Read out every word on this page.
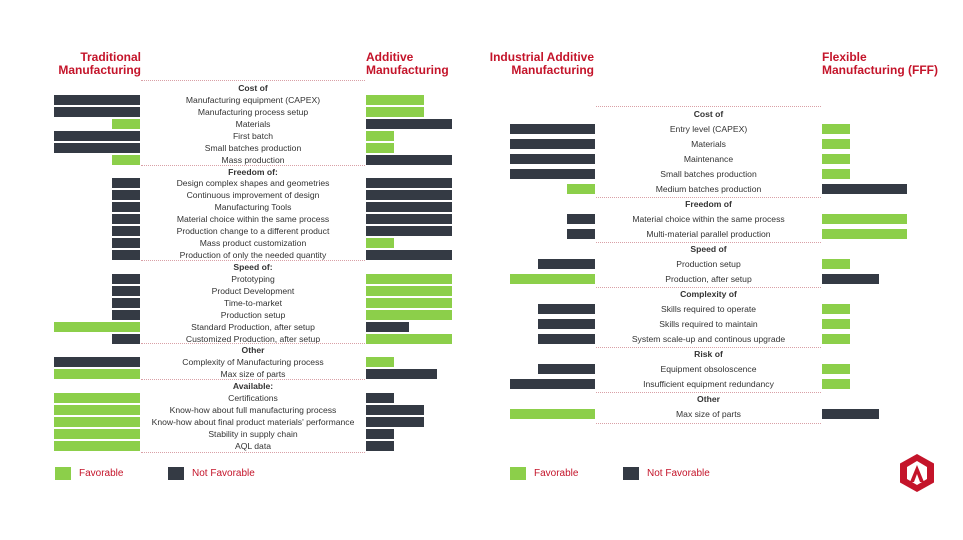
Traditional
Manufacturing
Additive
Manufacturing
Industrial Additive
Manufacturing
Flexible
Manufacturing (FFF)
Cost of
Manufacturing equipment (CAPEX)
Manufacturing process setup
Materials
First batch
Small batches production
Mass production
Freedom of:
Design complex shapes and geometries
Continuous improvement of design
Manufacturing Tools
Material choice within the same process
Production change to a different product
Mass product customization
Production of only the needed quantity
Speed of:
Prototyping
Product Development
Time-to-market
Production setup
Standard Production, after setup
Customized Production, after setup
Other
Complexity of Manufacturing process
Max size of parts
Available:
Certifications
Know-how about full manufacturing process
Know-how about final product materials' performance
Stability in supply chain
AQL data
Cost of
Entry level (CAPEX)
Materials
Maintenance
Small batches production
Medium batches production
Freedom of
Material choice within the same process
Multi-material parallel production
Speed of
Production setup
Production, after setup
Complexity of
Skills required to operate
Skills required to maintain
System scale-up and continous upgrade
Risk of
Equipment obsoloscence
Insufficient equipment redundancy
Other
Max size of parts
Favorable	Not Favorable	Favorable	Not Favorable
